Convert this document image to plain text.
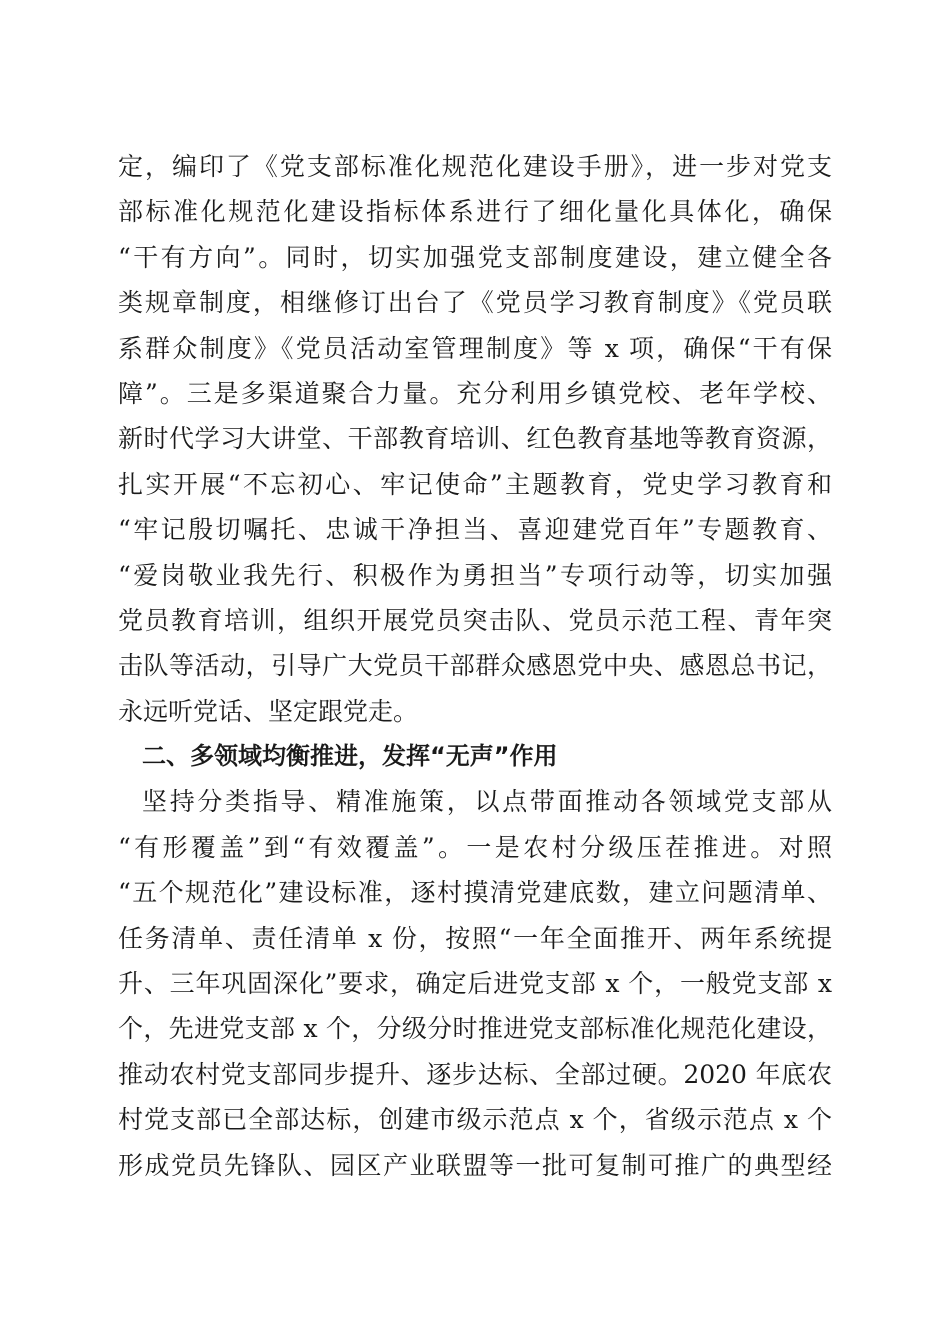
定，编印了《党支部标准化规范化建设手册》，进一步对党支
部标准化规范化建设指标体系进行了细化量化具体化，确保
“干有方向”。同时，切实加强党支部制度建设，建立健全各
类规章制度，相继修订出台了《党员学习教育制度》《党员联
系群众制度》《党员活动室管理制度》等 x 项，确保“干有保
障”。三是多渠道聚合力量。充分利用乡镇党校、老年学校、
新时代学习大讲堂、干部教育培训、红色教育基地等教育资源，
扎实开展“不忘初心、牢记使命”主题教育，党史学习教育和
“牢记殷切嘱托、忠诚干净担当、喜迎建党百年”专题教育、
“爱岗敬业我先行、积极作为勇担当”专项行动等，切实加强
党员教育培训，组织开展党员突击队、党员示范工程、青年突
击队等活动，引导广大党员干部群众感恩党中央、感恩总书记，
永远听党话、坚定跟党走。
二、多领域均衡推进，发挥“无声”作用
坚持分类指导、精准施策，以点带面推动各领域党支部从
“有形覆盖”到“有效覆盖”。一是农村分级压茬推进。对照
“五个规范化”建设标准，逐村摸清党建底数，建立问题清单、
任务清单、责任清单 x 份，按照“一年全面推开、两年系统提
升、三年巩固深化”要求，确定后进党支部 x 个，一般党支部 x
个，先进党支部 x 个，分级分时推进党支部标准化规范化建设，
推动农村党支部同步提升、逐步达标、全部过硬。2020 年底农
村党支部已全部达标，创建市级示范点 x 个，省级示范点 x 个
形成党员先锋队、园区产业联盟等一批可复制可推广的典型经
